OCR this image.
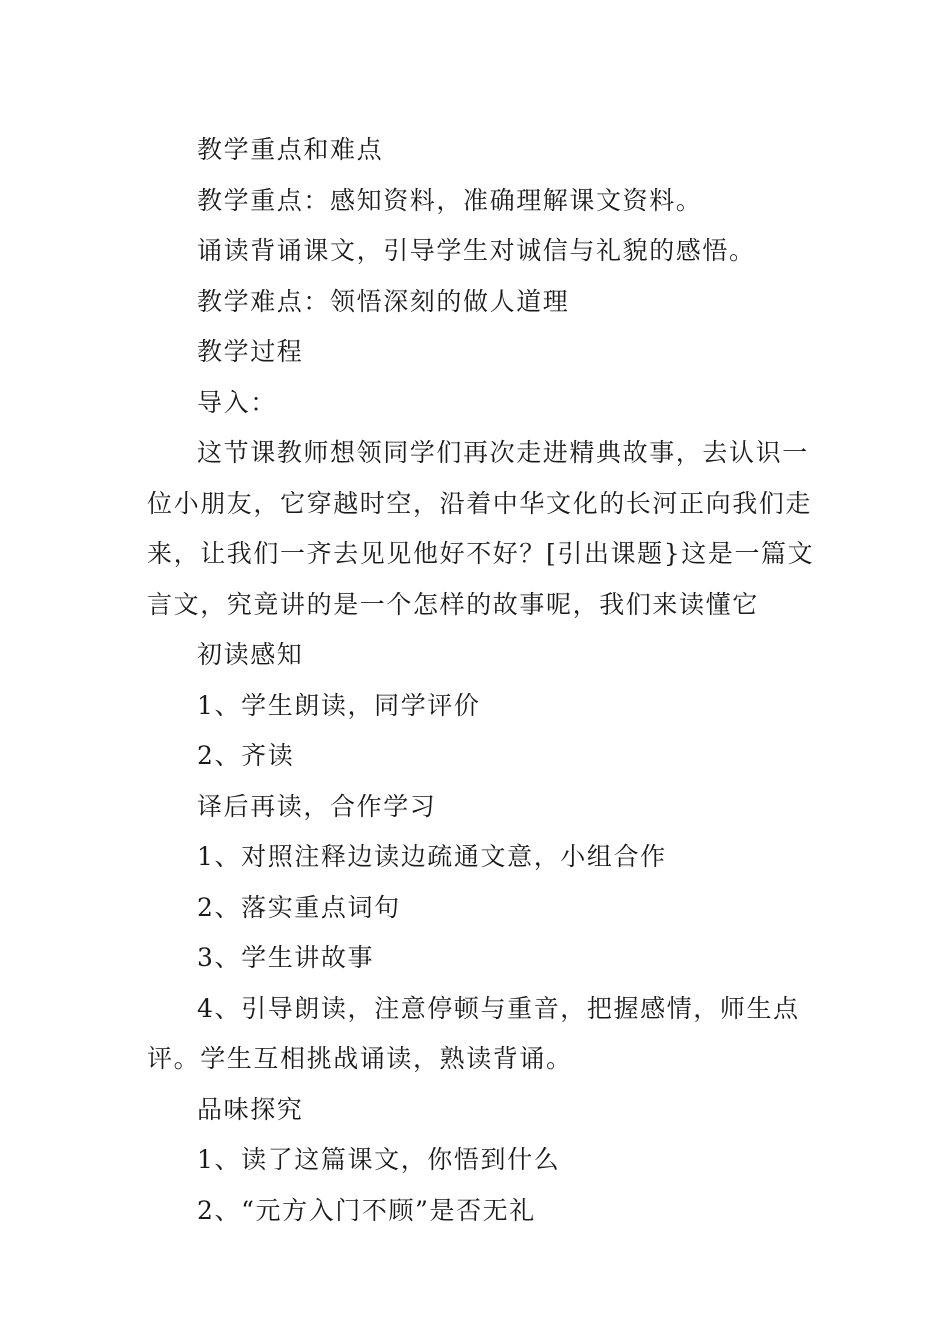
教学重点和难点

教学重点：感知资料，准确理解课文资料。

诵读背诵课文，引导学生对诚信与礼貌的感悟。

教学难点：领悟深刻的做人道理

教学过程

导入：

这节课教师想领同学们再次走进精典故事，去认识一位小朋友，它穿越时空，沿着中华文化的长河正向我们走来，让我们一齐去见见他好不好？[引出课题}这是一篇文言文，究竟讲的是一个怎样的故事呢，我们来读懂它

初读感知

1、学生朗读，同学评价

2、齐读

译后再读，合作学习

1、对照注释边读边疏通文意，小组合作

2、落实重点词句

3、学生讲故事

4、引导朗读，注意停顿与重音，把握感情，师生点评。学生互相挑战诵读，熟读背诵。

品味探究

1、读了这篇课文，你悟到什么

2、“元方入门不顾”是否无礼
